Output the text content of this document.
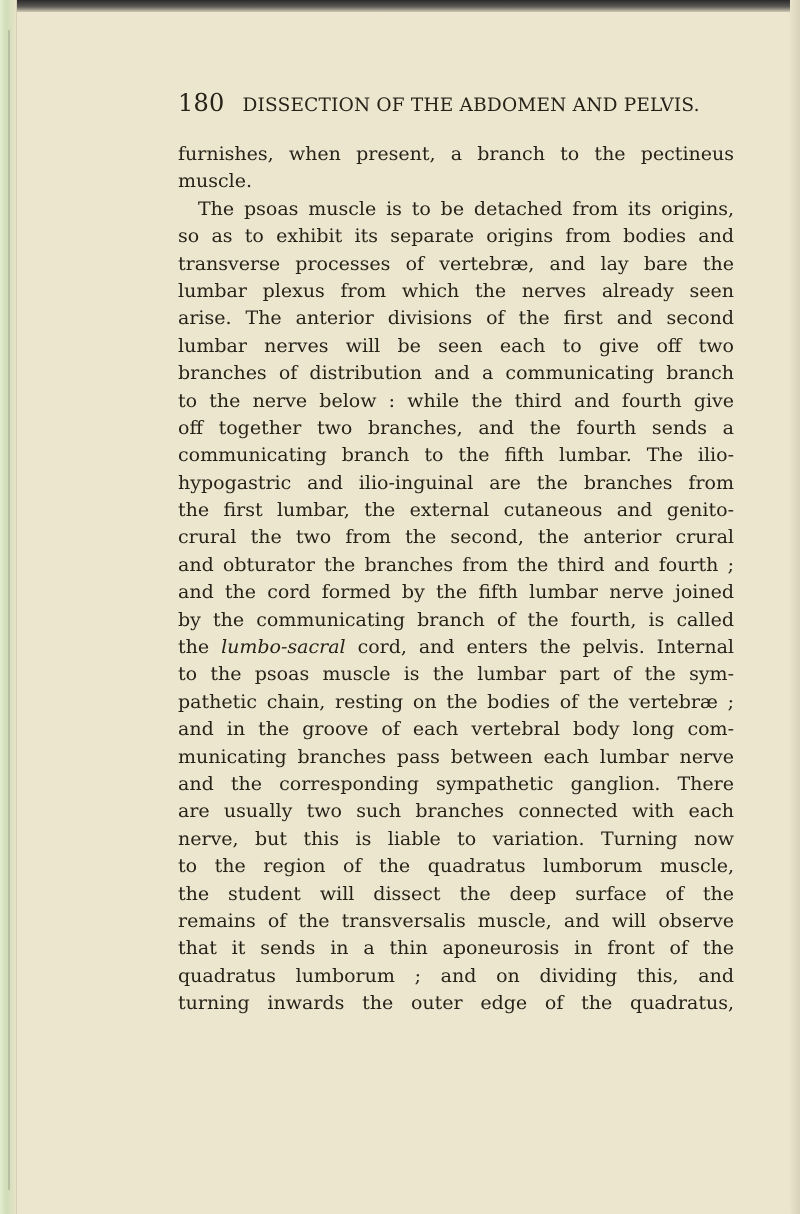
180 DISSECTION OF THE ABDOMEN AND PELVIS.
furnishes, when present, a branch to the pectineus
muscle.
The psoas muscle is to be detached from its origins,
so as to exhibit its separate origins from bodies and
transverse processes of vertebræ, and lay bare the
lumbar plexus from which the nerves already seen
arise. The anterior divisions of the first and second
lumbar nerves will be seen each to give off two
branches of distribution and a communicating branch
to the nerve below : while the third and fourth give
off together two branches, and the fourth sends a
communicating branch to the fifth lumbar. The ilio-
hypogastric and ilio-inguinal are the branches from
the first lumbar, the external cutaneous and genito-
crural the two from the second, the anterior crural
and obturator the branches from the third and fourth ;
and the cord formed by the fifth lumbar nerve joined
by the communicating branch of the fourth, is called
the lumbo-sacral cord, and enters the pelvis. Internal
to the psoas muscle is the lumbar part of the sym-
pathetic chain, resting on the bodies of the vertebræ ;
and in the groove of each vertebral body long com-
municating branches pass between each lumbar nerve
and the corresponding sympathetic ganglion. There
are usually two such branches connected with each
nerve, but this is liable to variation. Turning now
to the region of the quadratus lumborum muscle,
the student will dissect the deep surface of the
remains of the transversalis muscle, and will observe
that it sends in a thin aponeurosis in front of the
quadratus lumborum ; and on dividing this, and
turning inwards the outer edge of the quadratus,
